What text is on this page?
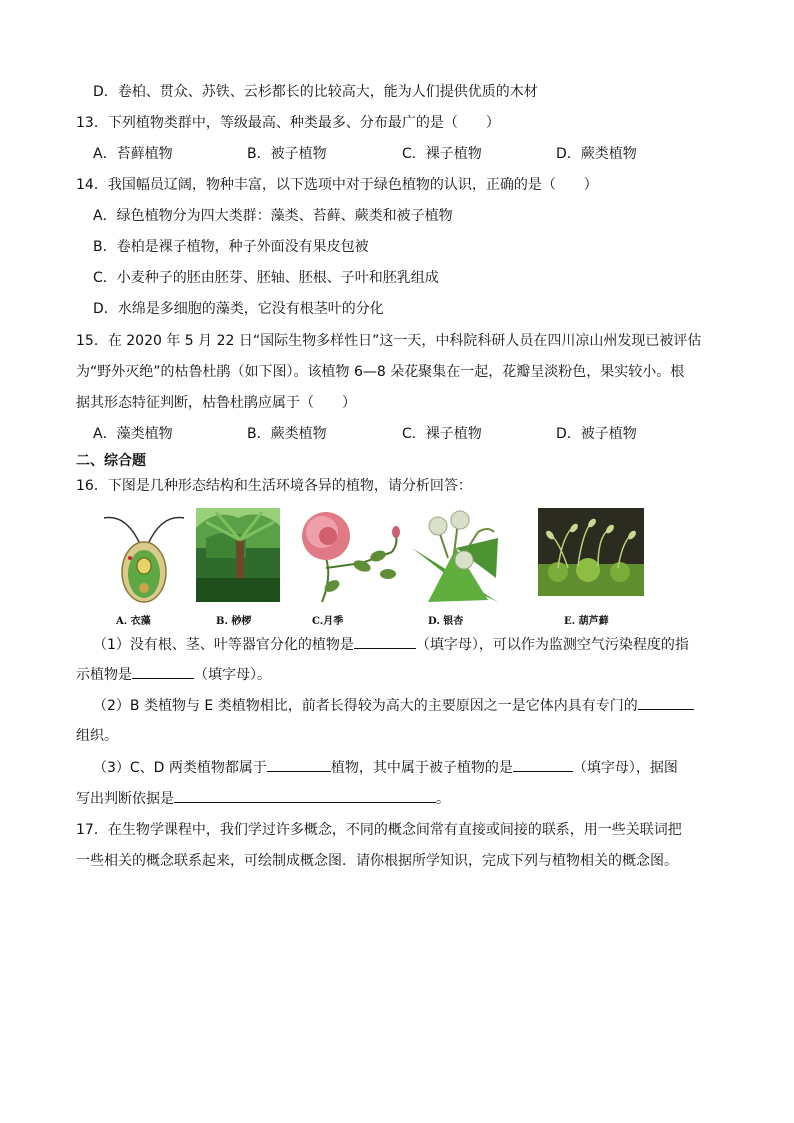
D．卷柏、贯众、苏铁、云杉都长的比较高大，能为人们提供优质的木材
13．下列植物类群中，等级最高、种类最多、分布最广的是（　　）
A．苔藓植物	B．被子植物	C．裸子植物	D．蕨类植物
14．我国幅员辽阔，物种丰富，以下选项中对于绿色植物的认识，正确的是（　　）
A．绿色植物分为四大类群：藻类、苔藓、蕨类和被子植物
B．卷柏是裸子植物，种子外面没有果皮包被
C．小麦种子的胚由胚芽、胚轴、胚根、子叶和胚乳组成
D．水绵是多细胞的藻类，它没有根茎叶的分化
15．在 2020 年 5 月 22 日“国际生物多样性日”这一天，中科院科研人员在四川凉山州发现已被评估
为“野外灭绝”的枯鲁杜鹃（如下图）。该植物 6—8 朵花聚集在一起，花瓣呈淡粉色，果实较小。根
据其形态特征判断，枯鲁杜鹃应属于（　　）
A．藻类植物	B．蕨类植物	C．裸子植物	D．被子植物
二、综合题
16．下图是几种形态结构和生活环境各异的植物，请分析回答：
A. 衣藻	B. 桫椤	C.月季	D. 银杏	E. 葫芦藓
（1）没有根、茎、叶等器官分化的植物是	（填字母），可以作为监测空气污染程度的指
示植物是	（填字母）。
（2）B 类植物与 E 类植物相比，前者长得较为高大的主要原因之一是它体内具有专门的
组织。
（3）C、D 两类植物都属于	植物，其中属于被子植物的是	（填字母），据图
写出判断依据是	。
17．在生物学课程中，我们学过许多概念，不同的概念间常有直接或间接的联系，用一些关联词把
一些相关的概念联系起来，可绘制成概念图．请你根据所学知识，完成下列与植物相关的概念图。
